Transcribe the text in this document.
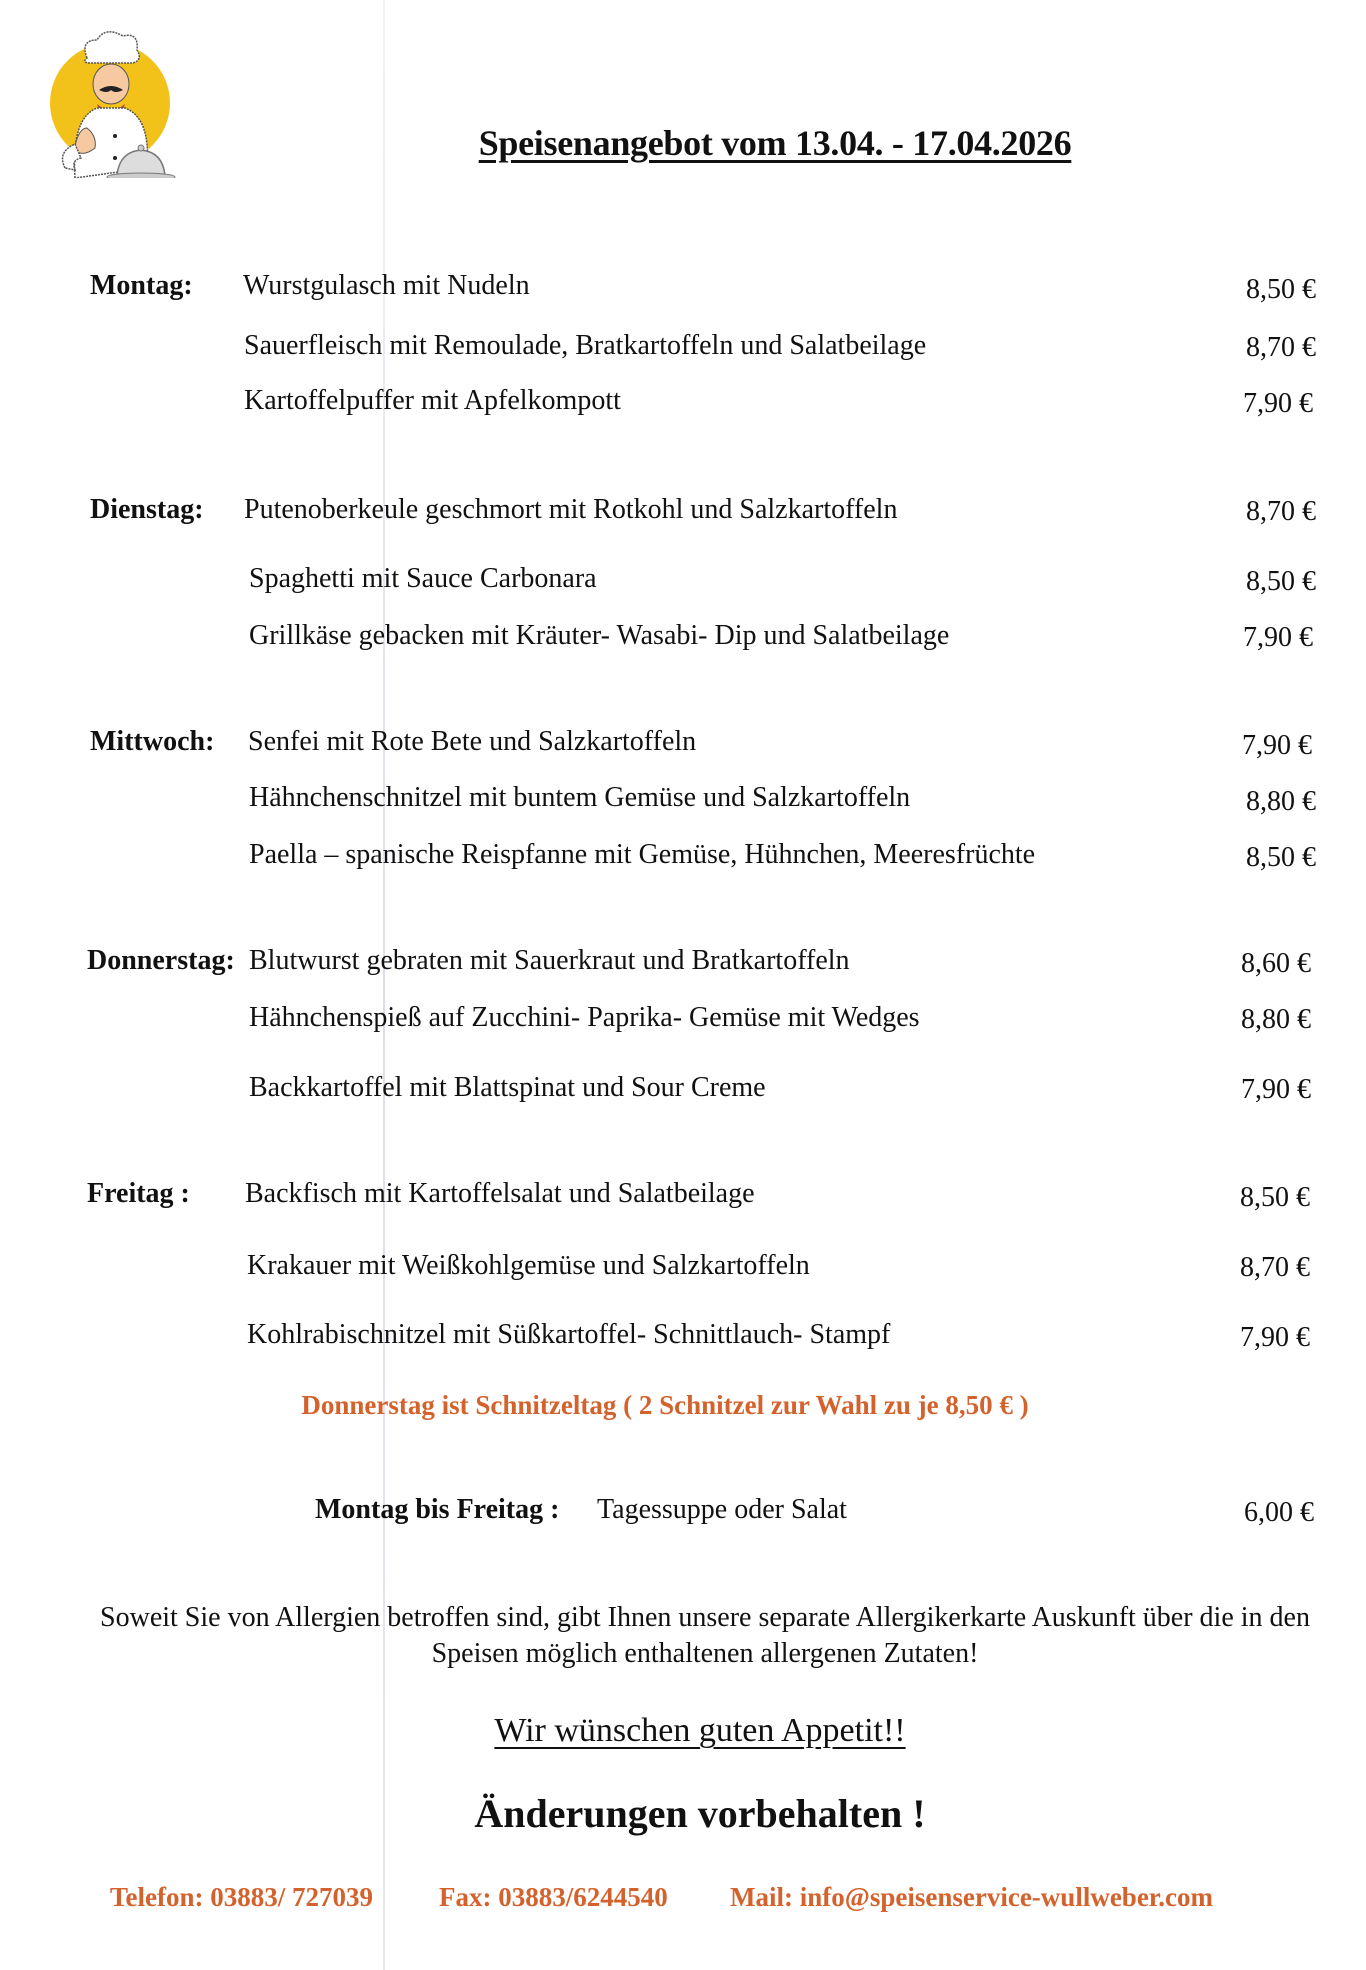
Speisenangebot vom 13.04. - 17.04.2026
Montag: Wurstgulasch mit Nudeln	8,50 €
Sauerfleisch mit Remoulade, Bratkartoffeln und Salatbeilage	8,70 €
Kartoffelpuffer mit Apfelkompott	7,90 €
Dienstag: Putenoberkeule geschmort mit Rotkohl und Salzkartoffeln	8,70 €
Spaghetti mit Sauce Carbonara	8,50 €
Grillkäse gebacken mit Kräuter- Wasabi- Dip und Salatbeilage	7,90 €
Mittwoch: Senfei mit Rote Bete und Salzkartoffeln	7,90 €
Hähnchenschnitzel mit buntem Gemüse und Salzkartoffeln	8,80 €
Paella – spanische Reispfanne mit Gemüse, Hühnchen, Meeresfrüchte	8,50 €
Donnerstag: Blutwurst gebraten mit Sauerkraut und Bratkartoffeln	8,60 €
Hähnchenspieß auf Zucchini- Paprika- Gemüse mit Wedges	8,80 €
Backkartoffel mit Blattspinat und Sour Creme	7,90 €
Freitag : Backfisch mit Kartoffelsalat und Salatbeilage	8,50 €
Krakauer mit Weißkohlgemüse und Salzkartoffeln	8,70 €
Kohlrabischnitzel mit Süßkartoffel- Schnittlauch- Stampf	7,90 €
Donnerstag ist Schnitzeltag ( 2 Schnitzel zur Wahl zu je 8,50 € )
Montag bis Freitag : Tagessuppe oder Salat	6,00 €
Soweit Sie von Allergien betroffen sind, gibt Ihnen unsere separate Allergikerkarte Auskunft über die in den Speisen möglich enthaltenen allergenen Zutaten!
Wir wünschen guten Appetit!!
Änderungen vorbehalten !
Telefon: 03883/ 727039 Fax: 03883/6244540 Mail: info@speisenservice-wullweber.com
